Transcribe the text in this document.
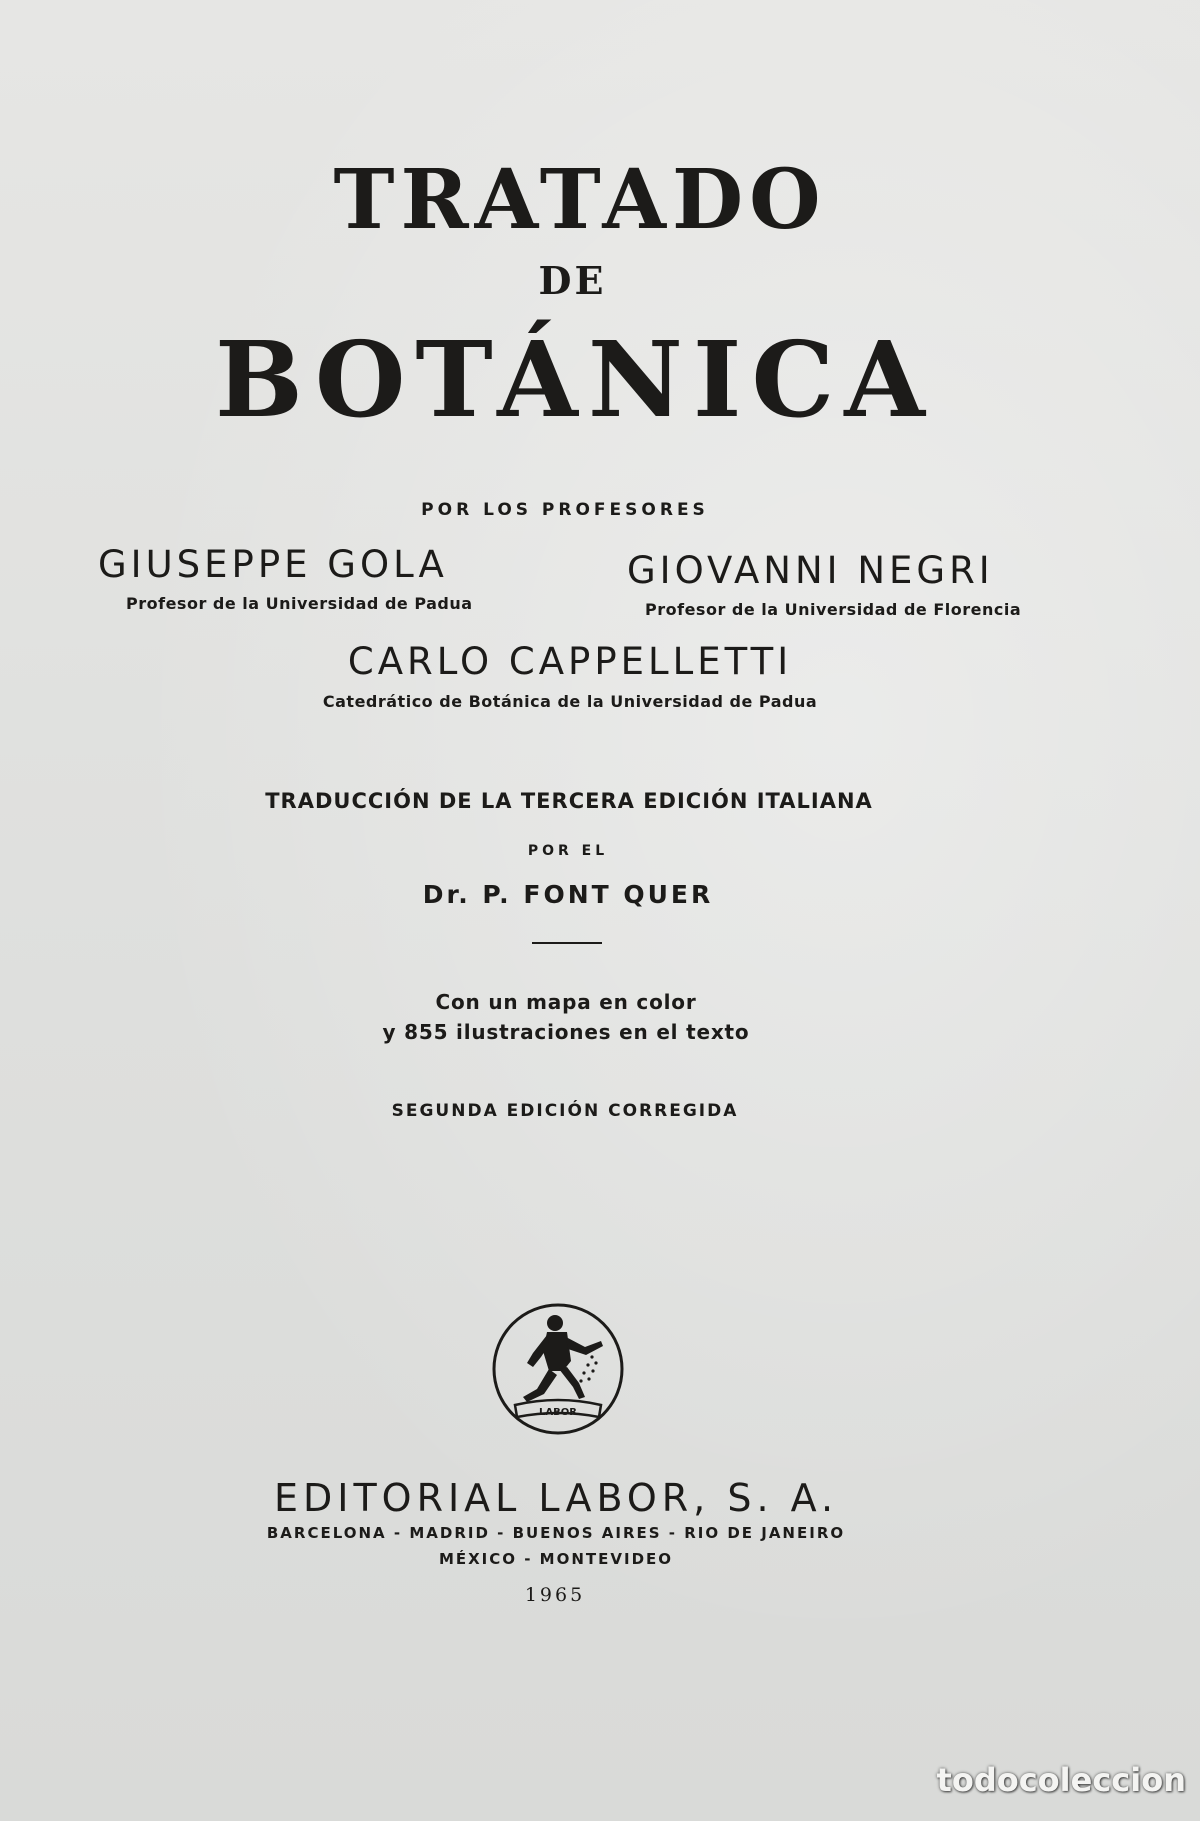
TRATADO
DE
BOTÁNICA
POR LOS PROFESORES
GIUSEPPE GOLA
Profesor de la Universidad de Padua
GIOVANNI NEGRI
Profesor de la Universidad de Florencia
CARLO CAPPELLETTI
Catedrático de Botánica de la Universidad de Padua
TRADUCCIÓN DE LA TERCERA EDICIÓN ITALIANA
POR EL
Dr. P. FONT QUER
Con un mapa en color
y 855 ilustraciones en el texto
SEGUNDA EDICIÓN CORREGIDA
LABOR
EDITORIAL LABOR, S. A.
BARCELONA - MADRID - BUENOS AIRES - RIO DE JANEIRO
MÉXICO - MONTEVIDEO
1965
todocoleccion
